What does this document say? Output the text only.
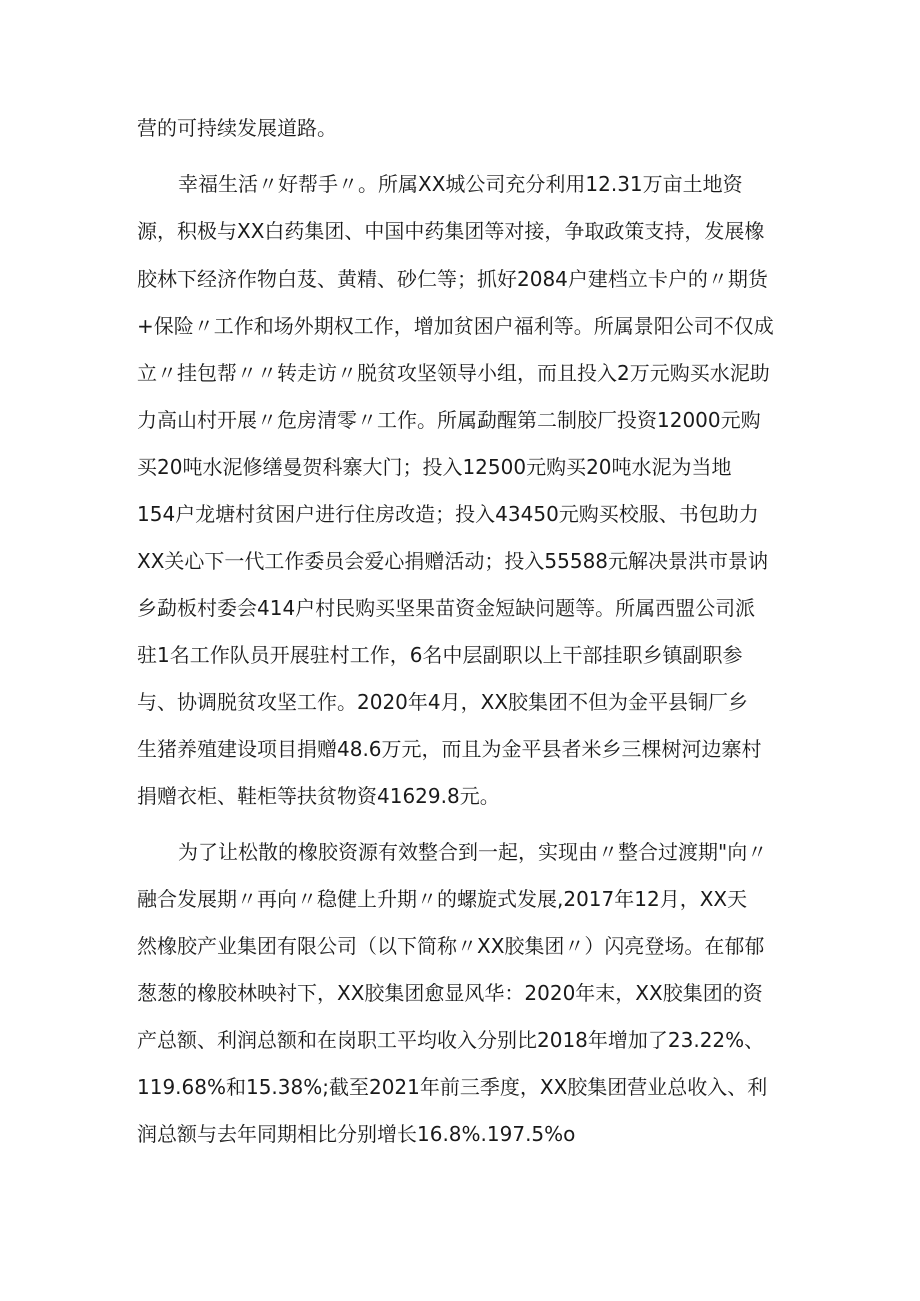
营的可持续发展道路。

幸福生活〃好帮手〃。所属XX城公司充分利用12.31万亩土地资

源，积极与XX白药集团、中国中药集团等对接，争取政策支持，发展橡

胶林下经济作物白芨、黄精、砂仁等；抓好2084户建档立卡户的〃期货

+保险〃工作和场外期权工作，增加贫困户福利等。所属景阳公司不仅成

立〃挂包帮〃〃转走访〃脱贫攻坚领导小组，而且投入2万元购买水泥助

力高山村开展〃危房清零〃工作。所属勐醒第二制胶厂投资12000元购

买20吨水泥修缮曼贺科寨大门；投入12500元购买20吨水泥为当地

154户龙塘村贫困户进行住房改造；投入43450元购买校服、书包助力

XX关心下一代工作委员会爱心捐赠活动；投入55588元解决景洪市景讷

乡勐板村委会414户村民购买坚果苗资金短缺问题等。所属西盟公司派

驻1名工作队员开展驻村工作，6名中层副职以上干部挂职乡镇副职参

与、协调脱贫攻坚工作。2020年4月，XX胶集团不但为金平县铜厂乡

生猪养殖建设项目捐赠48.6万元，而且为金平县者米乡三棵树河边寨村

捐赠衣柜、鞋柜等扶贫物资41629.8元。

为了让松散的橡胶资源有效整合到一起，实现由〃整合过渡期"向〃

融合发展期〃再向〃稳健上升期〃的螺旋式发展,2017年12月，XX天

然橡胶产业集团有限公司（以下简称〃XX胶集团〃）闪亮登场。在郁郁

葱葱的橡胶林映衬下，XX胶集团愈显风华：2020年末，XX胶集团的资

产总额、利润总额和在岗职工平均收入分别比2018年增加了23.22%、

119.68%和15.38%;截至2021年前三季度，XX胶集团营业总收入、利

润总额与去年同期相比分别增长16.8%.197.5%o
